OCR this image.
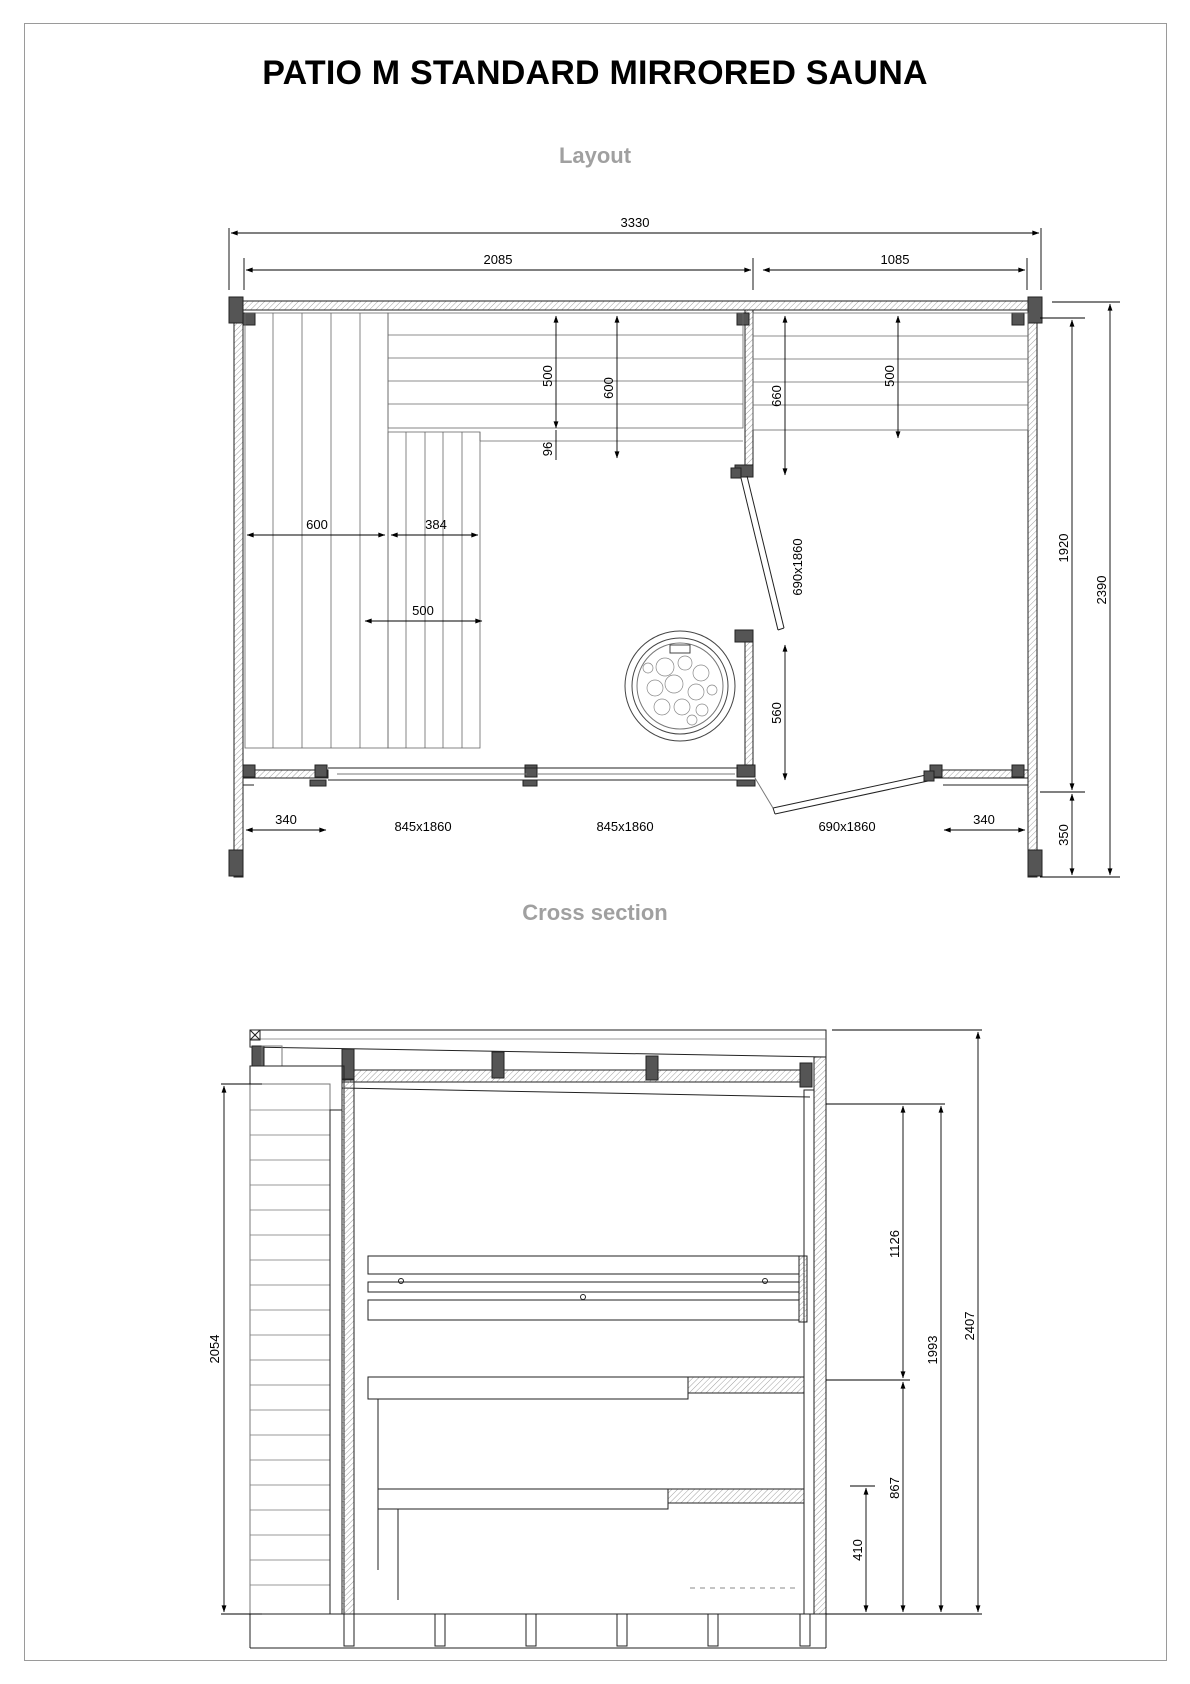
PATIO M STANDARD MIRRORED SAUNA
Layout
Cross section
3330
2085	1085
500
600
96
660
500
600	384
500
690x1860
560
1920
2390
350
340	340
845x1860	845x1860	690x1860
2054
1126
1993
2407
867
410
